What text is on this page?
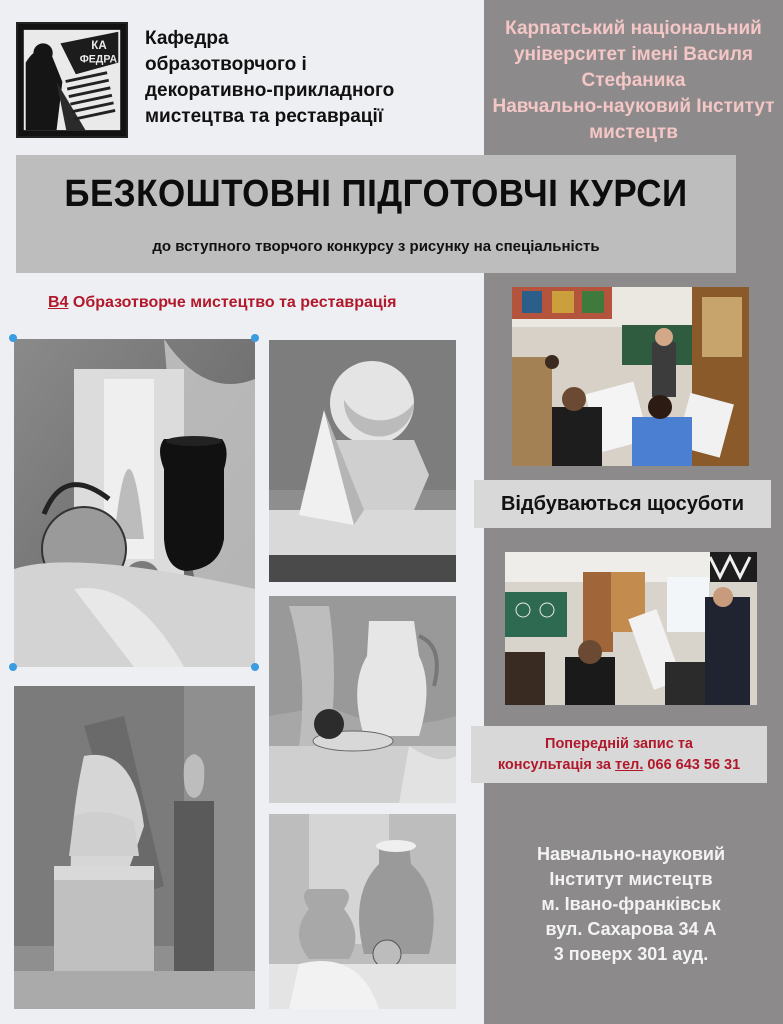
КА
ФЕДРА
Кафедра
образотворчого і
декоративно-прикладного
мистецтва та реставрації
Карпатський національний
університет імені Василя
Стефаника
Навчально-науковий Інститут
мистецтв
БЕЗКОШТОВНІ ПІДГОТОВЧІ КУРСИ
до вступного творчого конкурсу з рисунку на спеціальність
В4 Образотворче мистецтво та реставрація
Відбуваються щосуботи
Попередній запис та
консультація за тел. 066 643 56 31
Навчально-науковий
Інститут мистецтв
м. Івано-франківськ
вул. Сахарова 34 А
3 поверх 301 ауд.
